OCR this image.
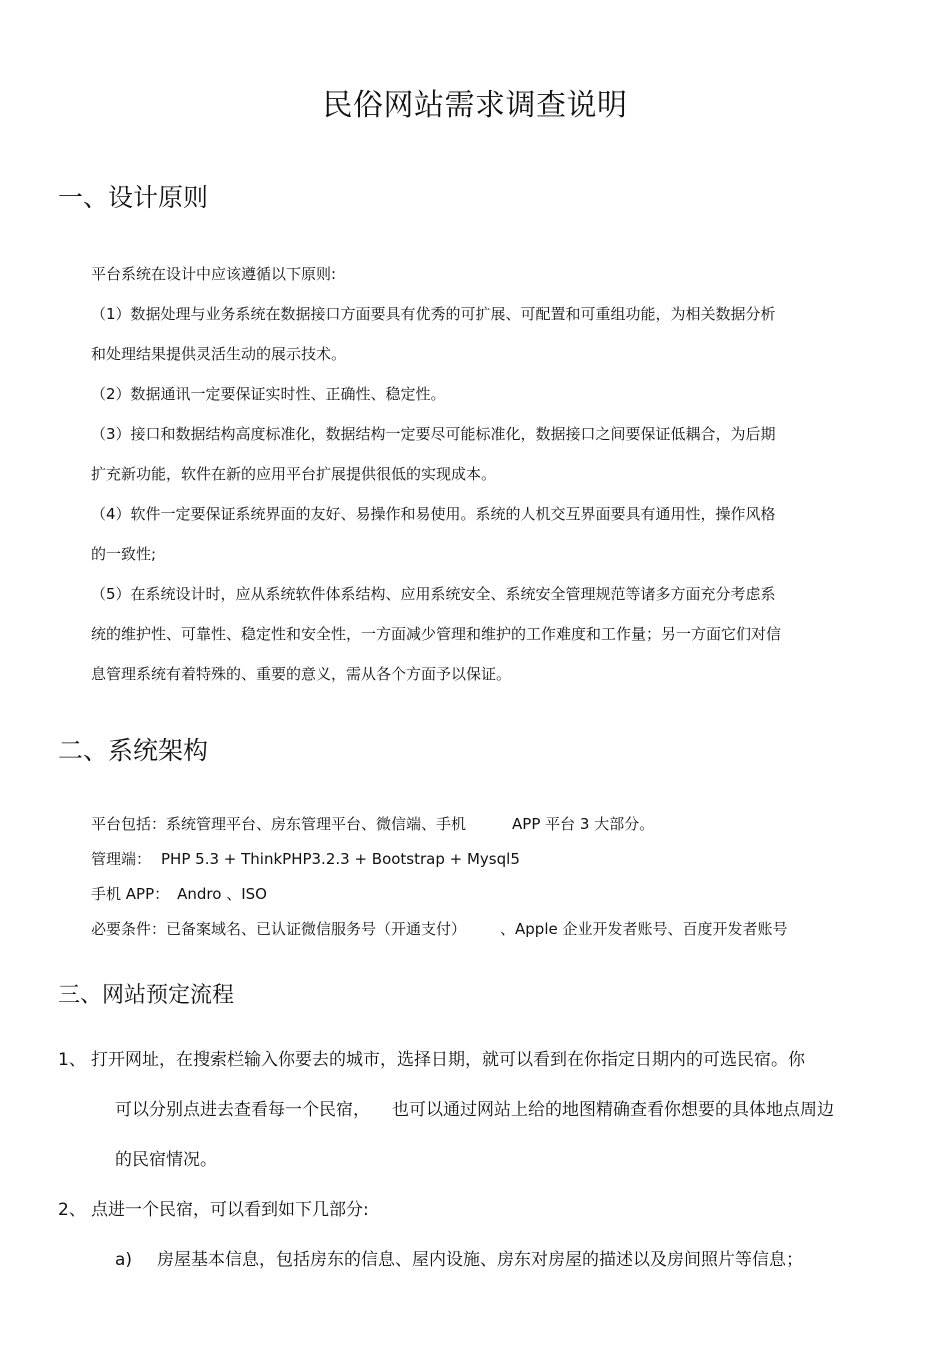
民俗网站需求调查说明
一、设计原则
平台系统在设计中应该遵循以下原则:
（1）数据处理与业务系统在数据接口方面要具有优秀的可扩展、可配置和可重组功能，为相关数据分析
和处理结果提供灵活生动的展示技术。
（2）数据通讯一定要保证实时性、正确性、稳定性。
（3）接口和数据结构高度标准化，数据结构一定要尽可能标准化，数据接口之间要保证低耦合，为后期
扩充新功能，软件在新的应用平台扩展提供很低的实现成本。
（4）软件一定要保证系统界面的友好、易操作和易使用。系统的人机交互界面要具有通用性，操作风格
的一致性;
（5）在系统设计时，应从系统软件体系结构、应用系统安全、系统安全管理规范等诸多方面充分考虑系
统的维护性、可靠性、稳定性和安全性，一方面减少管理和维护的工作难度和工作量；另一方面它们对信
息管理系统有着特殊的、重要的意义，需从各个方面予以保证。
二、系统架构
平台包括：系统管理平台、房东管理平台、微信端、手机	APP 平台 3 大部分。
管理端： PHP 5.3 + ThinkPHP3.2.3 + Bootstrap + Mysql5
手机 APP： Andro 、ISO
必要条件：已备案域名、已认证微信服务号（开通支付） 、Apple 企业开发者账号、百度开发者账号
三、网站预定流程
1、 打开网址，在搜索栏输入你要去的城市，选择日期，就可以看到在你指定日期内的可选民宿。你
可以分别点进去查看每一个民宿， 也可以通过网站上给的地图精确查看你想要的具体地点周边
的民宿情况。
2、 点进一个民宿，可以看到如下几部分:
a) 房屋基本信息，包括房东的信息、屋内设施、房东对房屋的描述以及房间照片等信息；
